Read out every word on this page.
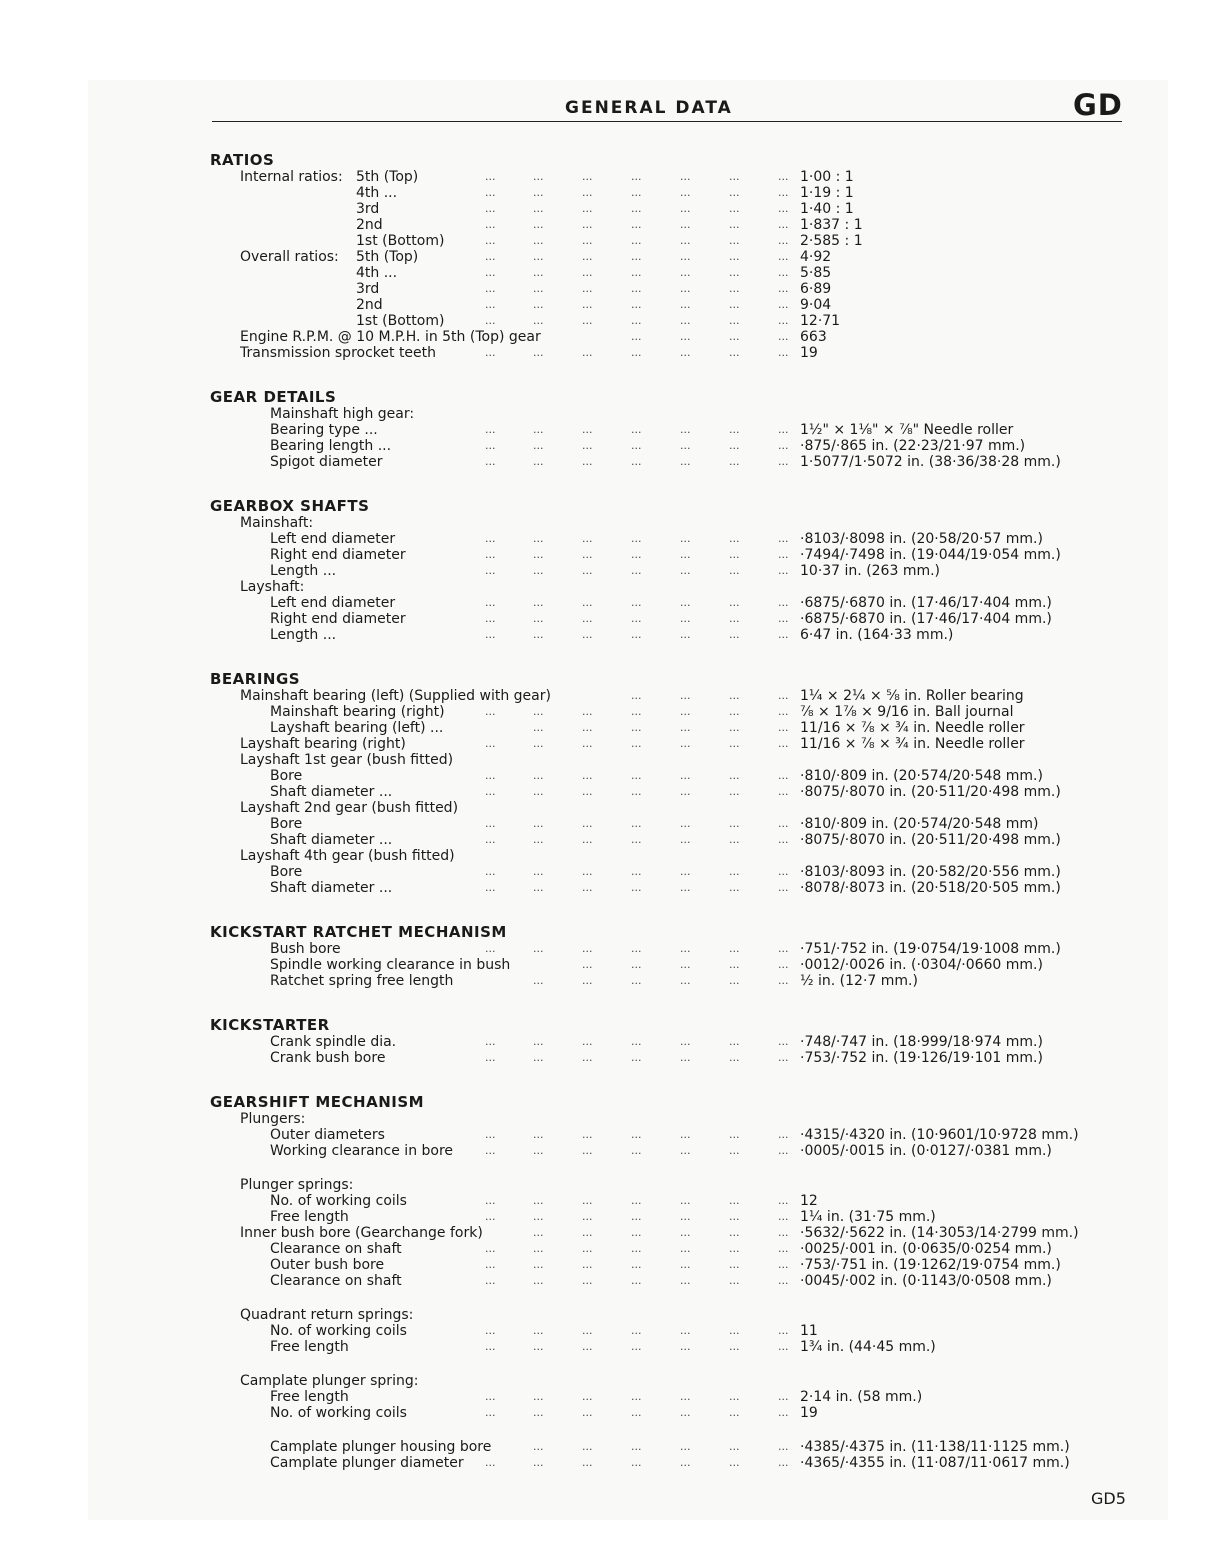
GENERAL DATA	GD
RATIOS
Internal ratios: 5th (Top)	...	...	...	...	...	...	... 1·00 : 1
4th ...	...	...	...	...	...	...	... 1·19 : 1
3rd	...	...	...	...	...	...	... 1·40 : 1
2nd	...	...	...	...	...	...	... 1·837 : 1
1st (Bottom)	...	...	...	...	...	...	... 2·585 : 1
Overall ratios: 5th (Top)	...	...	...	...	...	...	... 4·92
4th ...	...	...	...	...	...	...	... 5·85
3rd	...	...	...	...	...	...	... 6·89
2nd	...	...	...	...	...	...	... 9·04
1st (Bottom)	...	...	...	...	...	...	... 12·71
Engine R.P.M. @ 10 M.P.H. in 5th (Top) gear	...	...	...	... 663
Transmission sprocket teeth	...	...	...	...	...	...	... 19
GEAR DETAILS
Mainshaft high gear:
Bearing type ...	...	...	...	...	...	...	... 1½" × 1⅛" × ⅞" Needle roller
Bearing length ...	...	...	...	...	...	...	... ·875/·865 in. (22·23/21·97 mm.)
Spigot diameter	...	...	...	...	...	...	... 1·5077/1·5072 in. (38·36/38·28 mm.)
GEARBOX SHAFTS
Mainshaft:
Left end diameter	...	...	...	...	...	...	... ·8103/·8098 in. (20·58/20·57 mm.)
Right end diameter	...	...	...	...	...	...	... ·7494/·7498 in. (19·044/19·054 mm.)
Length ...	...	...	...	...	...	...	... 10·37 in. (263 mm.)
Layshaft:
Left end diameter	...	...	...	...	...	...	... ·6875/·6870 in. (17·46/17·404 mm.)
Right end diameter	...	...	...	...	...	...	... ·6875/·6870 in. (17·46/17·404 mm.)
Length ...	...	...	...	...	...	...	... 6·47 in. (164·33 mm.)
BEARINGS
Mainshaft bearing (left) (Supplied with gear)	...	...	...	... 1¼ × 2¼ × ⅝ in. Roller bearing
Mainshaft bearing (right)	...	...	...	...	...	...	... ⅞ × 1⅞ × 9/16 in. Ball journal
Layshaft bearing (left) ...	...	...	...	...	...	... 11/16 × ⅞ × ¾ in. Needle roller
Layshaft bearing (right)	...	...	...	...	...	...	... 11/16 × ⅞ × ¾ in. Needle roller
Layshaft 1st gear (bush fitted)
Bore	...	...	...	...	...	...	... ·810/·809 in. (20·574/20·548 mm.)
Shaft diameter ...	...	...	...	...	...	...	... ·8075/·8070 in. (20·511/20·498 mm.)
Layshaft 2nd gear (bush fitted)
Bore	...	...	...	...	...	...	... ·810/·809 in. (20·574/20·548 mm)
Shaft diameter ...	...	...	...	...	...	...	... ·8075/·8070 in. (20·511/20·498 mm.)
Layshaft 4th gear (bush fitted)
Bore	...	...	...	...	...	...	... ·8103/·8093 in. (20·582/20·556 mm.)
Shaft diameter ...	...	...	...	...	...	...	... ·8078/·8073 in. (20·518/20·505 mm.)
KICKSTART RATCHET MECHANISM
Bush bore	...	...	...	...	...	...	... ·751/·752 in. (19·0754/19·1008 mm.)
Spindle working clearance in bush	...	...	...	...	... ·0012/·0026 in. (·0304/·0660 mm.)
Ratchet spring free length	...	...	...	...	...	... ½ in. (12·7 mm.)
KICKSTARTER
Crank spindle dia.	...	...	...	...	...	...	... ·748/·747 in. (18·999/18·974 mm.)
Crank bush bore	...	...	...	...	...	...	... ·753/·752 in. (19·126/19·101 mm.)
GEARSHIFT MECHANISM
Plungers:
Outer diameters	...	...	...	...	...	...	... ·4315/·4320 in. (10·9601/10·9728 mm.)
Working clearance in bore	...	...	...	...	...	...	... ·0005/·0015 in. (0·0127/·0381 mm.)
Plunger springs:
No. of working coils	...	...	...	...	...	...	... 12
Free length	...	...	...	...	...	...	... 1¼ in. (31·75 mm.)
Inner bush bore (Gearchange fork)	...	...	...	...	...	... ·5632/·5622 in. (14·3053/14·2799 mm.)
Clearance on shaft	...	...	...	...	...	...	... ·0025/·001 in. (0·0635/0·0254 mm.)
Outer bush bore	...	...	...	...	...	...	... ·753/·751 in. (19·1262/19·0754 mm.)
Clearance on shaft	...	...	...	...	...	...	... ·0045/·002 in. (0·1143/0·0508 mm.)
Quadrant return springs:
No. of working coils	...	...	...	...	...	...	... 11
Free length	...	...	...	...	...	...	... 1¾ in. (44·45 mm.)
Camplate plunger spring:
Free length	...	...	...	...	...	...	... 2·14 in. (58 mm.)
No. of working coils	...	...	...	...	...	...	... 19
Camplate plunger housing bore	...	...	...	...	...	... ·4385/·4375 in. (11·138/11·1125 mm.)
Camplate plunger diameter ...	...	...	...	...	...	... ·4365/·4355 in. (11·087/11·0617 mm.)
GD5
